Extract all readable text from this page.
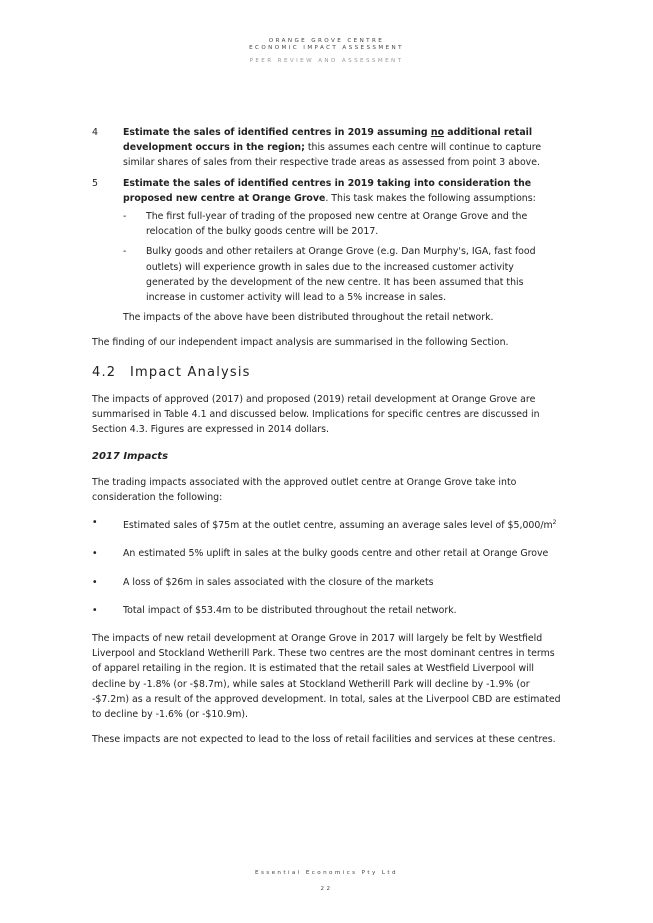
ORANGE GROVE CENTRE
ECONOMIC IMPACT ASSESSMENT
PEER REVIEW AND ASSESSMENT
4	Estimate the sales of identified centres in 2019 assuming no additional retail development occurs in the region; this assumes each centre will continue to capture similar shares of sales from their respective trade areas as assessed from point 3 above.
5	Estimate the sales of identified centres in 2019 taking into consideration the proposed new centre at Orange Grove. This task makes the following assumptions:
- The first full-year of trading of the proposed new centre at Orange Grove and the relocation of the bulky goods centre will be 2017.
- Bulky goods and other retailers at Orange Grove (e.g. Dan Murphy's, IGA, fast food outlets) will experience growth in sales due to the increased customer activity generated by the development of the new centre. It has been assumed that this increase in customer activity will lead to a 5% increase in sales.

The impacts of the above have been distributed throughout the retail network.

The finding of our independent impact analysis are summarised in the following Section.

4.2 Impact Analysis

The impacts of approved (2017) and proposed (2019) retail development at Orange Grove are summarised in Table 4.1 and discussed below. Implications for specific centres are discussed in Section 4.3. Figures are expressed in 2014 dollars.

2017 Impacts

The trading impacts associated with the approved outlet centre at Orange Grove take into consideration the following:

•	Estimated sales of $75m at the outlet centre, assuming an average sales level of $\$5,000/m^2$
•	An estimated 5% uplift in sales at the bulky goods centre and other retail at Orange Grove
•	A loss of $26m in sales associated with the closure of the markets
•	Total impact of $53.4m to be distributed throughout the retail network.

The impacts of new retail development at Orange Grove in 2017 will largely be felt by Westfield Liverpool and Stockland Wetherill Park. These two centres are the most dominant centres in terms of apparel retailing in the region. It is estimated that the retail sales at Westfield Liverpool will decline by -1.8% (or -$8.7m), while sales at Stockland Wetherill Park will decline by -1.9% (or -$7.2m) as a result of the approved development. In total, sales at the Liverpool CBD are estimated to decline by -1.6% (or -$10.9m).

These impacts are not expected to lead to the loss of retail facilities and services at these centres.

Essential Economics Pty Ltd
22
